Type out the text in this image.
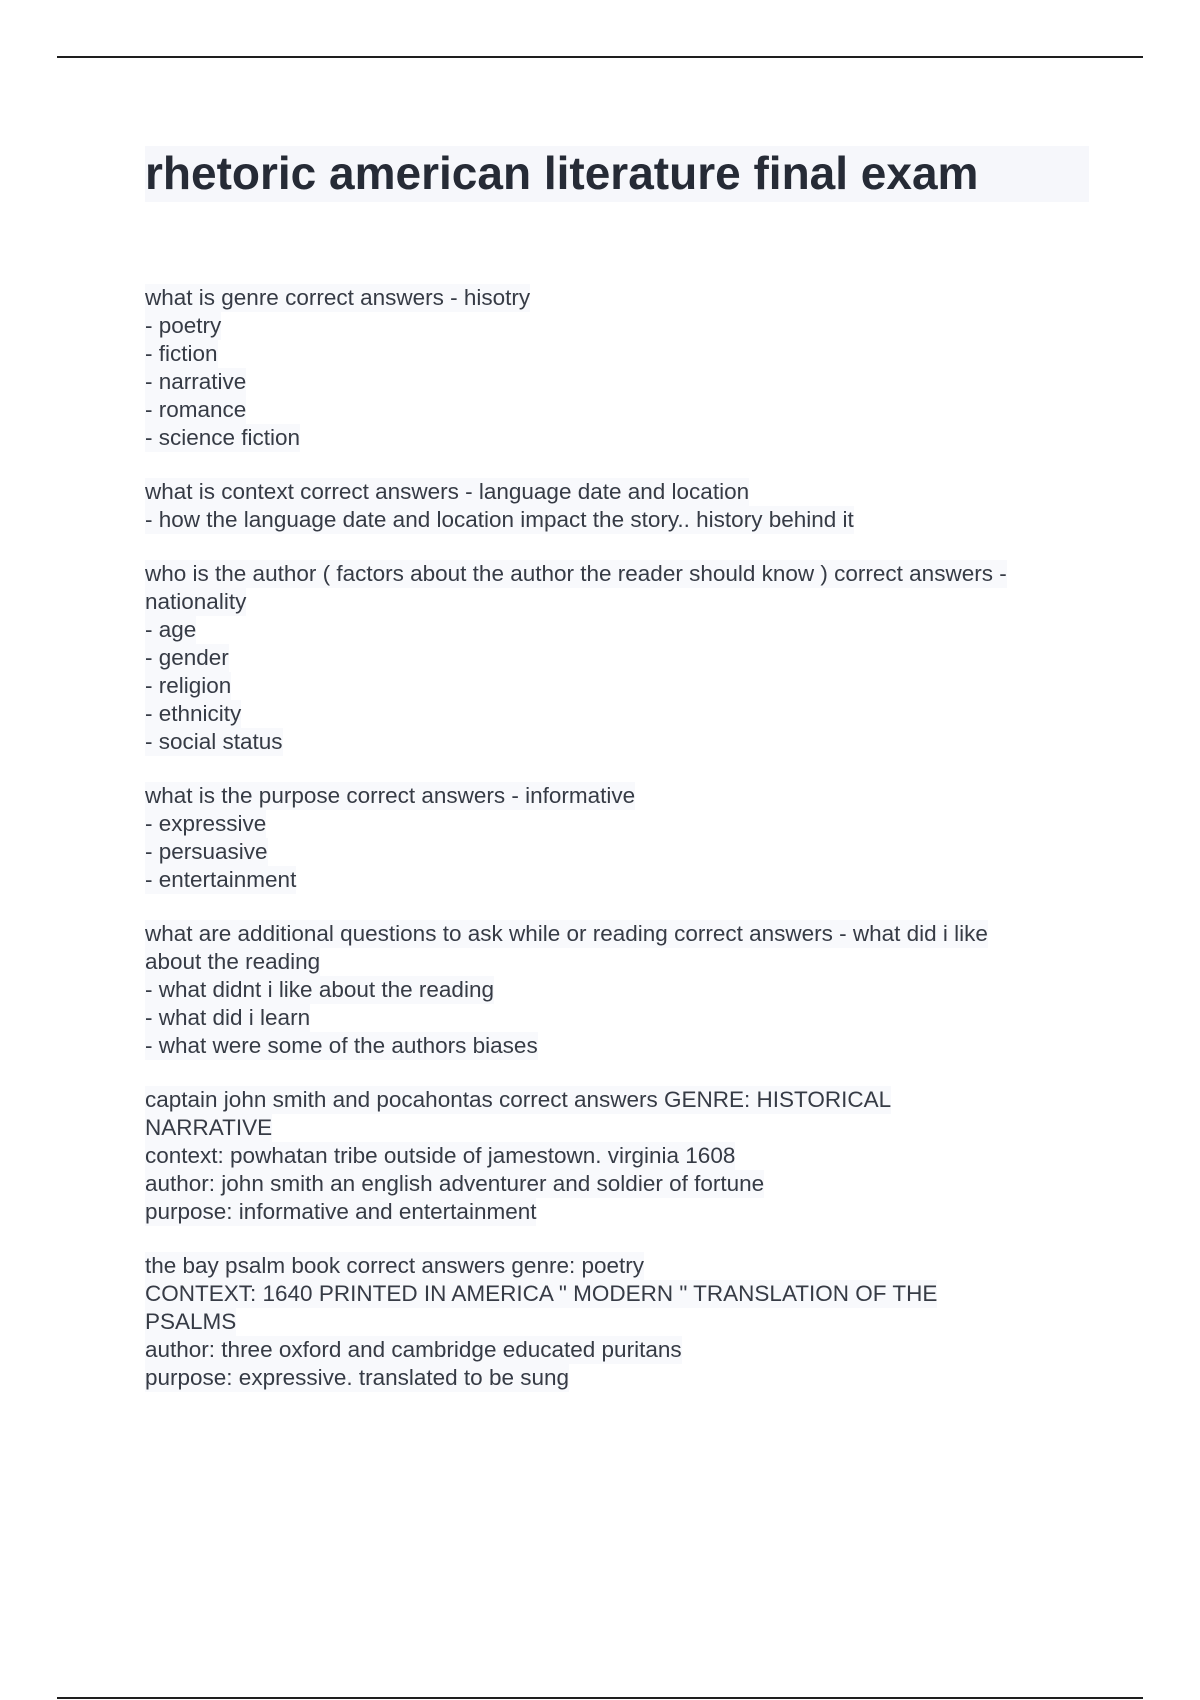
rhetoric american literature final exam
what is genre correct answers - hisotry
- poetry
- fiction
- narrative
- romance
- science fiction
what is context correct answers - language date and location
- how the language date and location impact the story.. history behind it
who is the author ( factors about the author the reader should know ) correct answers -
nationality
- age
- gender
- religion
- ethnicity
- social status
what is the purpose correct answers - informative
- expressive
- persuasive
- entertainment
what are additional questions to ask while or reading correct answers - what did i like
about the reading
- what didnt i like about the reading
- what did i learn
- what were some of the authors biases
captain john smith and pocahontas correct answers GENRE: HISTORICAL
NARRATIVE
context: powhatan tribe outside of jamestown. virginia 1608
author: john smith an english adventurer and soldier of fortune
purpose: informative and entertainment
the bay psalm book correct answers genre: poetry
CONTEXT: 1640 PRINTED IN AMERICA " MODERN " TRANSLATION OF THE
PSALMS
author: three oxford and cambridge educated puritans
purpose: expressive. translated to be sung
